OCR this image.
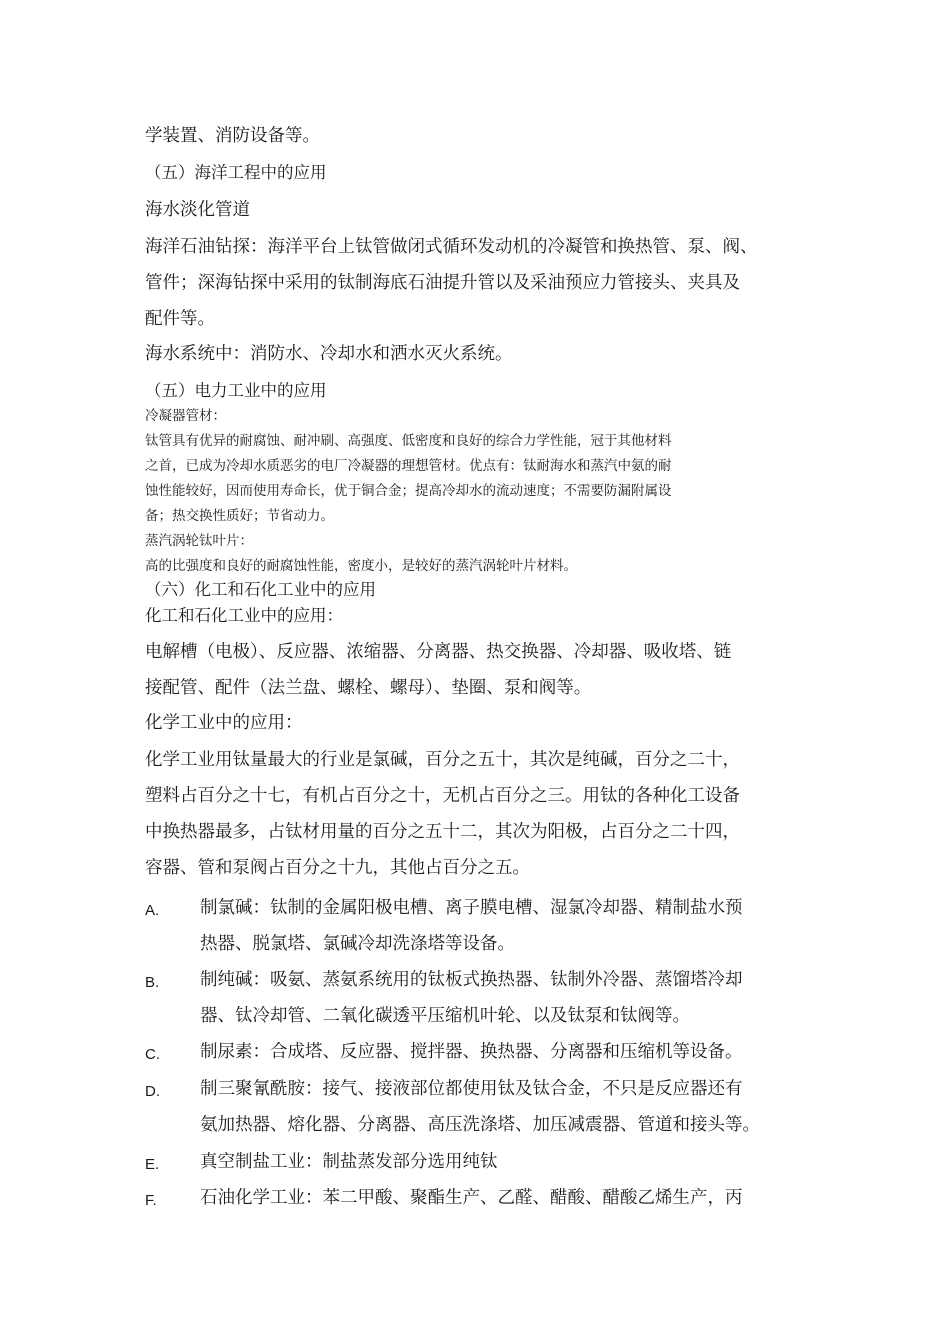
学装置、消防设备等。
（五）海洋工程中的应用
海水淡化管道
海洋石油钻探：海洋平台上钛管做闭式循环发动机的冷凝管和换热管、泵、阀、
管件；深海钻探中采用的钛制海底石油提升管以及采油预应力管接头、夹具及
配件等。
海水系统中：消防水、冷却水和洒水灭火系统。
（五）电力工业中的应用
冷凝器管材：
钛管具有优异的耐腐蚀、耐冲刷、高强度、低密度和良好的综合力学性能，冠于其他材料
之首，已成为冷却水质恶劣的电厂冷凝器的理想管材。优点有：钛耐海水和蒸汽中氨的耐
蚀性能较好，因而使用寿命长，优于铜合金；提高冷却水的流动速度；不需要防漏附属设
备；热交换性质好；节省动力。
蒸汽涡轮钛叶片：
高的比强度和良好的耐腐蚀性能，密度小，是较好的蒸汽涡轮叶片材料。
（六）化工和石化工业中的应用
化工和石化工业中的应用：
电解槽（电极）、反应器、浓缩器、分离器、热交换器、冷却器、吸收塔、链
接配管、配件（法兰盘、螺栓、螺母）、垫圈、泵和阀等。
化学工业中的应用：
化学工业用钛量最大的行业是氯碱，百分之五十，其次是纯碱，百分之二十，
塑料占百分之十七，有机占百分之十，无机占百分之三。用钛的各种化工设备
中换热器最多，占钛材用量的百分之五十二，其次为阳极，占百分之二十四，
容器、管和泵阀占百分之十九，其他占百分之五。
A. 制氯碱：钛制的金属阳极电槽、离子膜电槽、湿氯冷却器、精制盐水预
热器、脱氯塔、氯碱冷却洗涤塔等设备。
B. 制纯碱：吸氨、蒸氨系统用的钛板式换热器、钛制外冷器、蒸馏塔冷却
器、钛冷却管、二氧化碳透平压缩机叶轮、以及钛泵和钛阀等。
C. 制尿素：合成塔、反应器、搅拌器、换热器、分离器和压缩机等设备。
D. 制三聚氰酰胺：接气、接液部位都使用钛及钛合金，不只是反应器还有
氨加热器、熔化器、分离器、高压洗涤塔、加压减震器、管道和接头等。
E. 真空制盐工业：制盐蒸发部分选用纯钛
F. 石油化学工业：苯二甲酸、聚酯生产、乙醛、醋酸、醋酸乙烯生产，丙
